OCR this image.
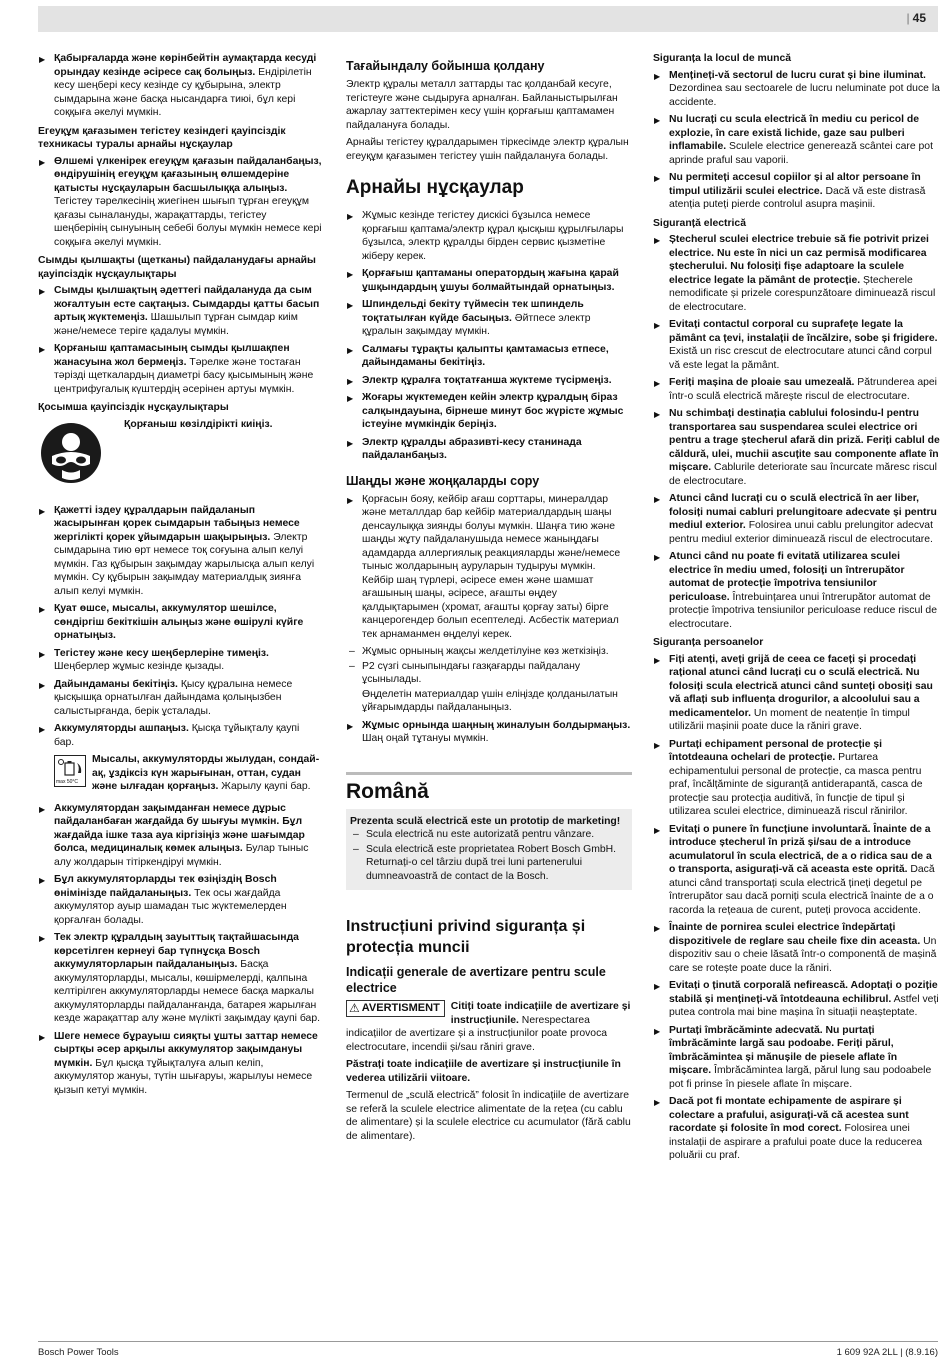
| 45
▶ Қабырғаларда және көрінбейтін аумақтарда кесуді орындау кезінде әсіресе сақ болыңыз. Ендірілетін кесу шеңбері кесу кезінде су құбырына, электр сымдарына және басқа нысандарға тиюі, бұл кері соққыға әкелуі мүмкін.
Егеуқұм қағазымен тегістеу кезіндегі қауіпсіздік техникасы туралы арнайы нұсқаулар
▶ Өлшемі үлкенірек егеуқұм қағазын пайдаланбаңыз, өндірушінің егеуқұм қағазының өлшемдеріне қатысты нұсқауларын басшылыққа алыңыз. Тегістеу тәрелкесінің жиегінен шығып тұрған егеуқұм қағазы сыналануды, жарақаттарды, тегістеу шеңберінің сынуының себебі болуы мүмкін немесе кері соққыға әкелуі мүмкін.
Сымды қылшақты (щетканы) пайдаланудағы арнайы қауіпсіздік нұсқаулықтары
▶ Сымды қылшақтың әдеттегі пайдалануда да сым жоғалтуын есте сақтаңыз. Сымдарды қатты басып артық жүктемеңіз. Шашылып тұрған сымдар киім және/немесе теріге қадалуы мүмкін.
▶ Қорғаныш қаптамасының сымды қылшақпен жанасуына жол бермеңіз. Тәрелке және тостаған тәрізді щеткалардың диаметрі басу қысымының және центрифугалық күштердің әсерінен артуы мүмкін.
Қосымша қауіпсіздік нұсқаулықтары
Қорғаныш көзілдірікті киіңіз.
▶ Қажетті іздеу құралдарын пайдаланып жасырынған қорек сымдарын табыңыз немесе жергілікті қорек ұйымдарын шақырыңыз. Электр сымдарына тию өрт немесе тоқ соғуына алып келуі мүмкін. Газ құбырын зақымдау жарылысқа алып келуі мүмкін. Су құбырын зақымдау материалдық зиянға алып келуі мүмкін.
▶ Қуат өшсе, мысалы, аккумулятор шешілсе, сөндіргіш бекіткішін алыңыз және өшірулі күйге орнатыңыз.
▶ Тегістеу және кесу шеңберлеріне тимеңіз. Шеңберлер жұмыс кезінде қызады.
▶ Дайындаманы бекітіңіз. Қысу құралына немесе қысқышқа орнатылған дайындама қолыңызбен салыстырғанда, берік ұсталады.
▶ Аккумуляторды ашпаңыз. Қысқа тұйықталу қаупі бар.
max 50°C
Мысалы, аккумуляторды жылудан, сондай-ақ, ұздіксіз күн жарығынан, оттан, судан және ылғадан қорғаңыз. Жарылу қаупі бар.
▶ Аккумулятордан зақымданған немесе дұрыс пайдаланбаған жағдайда бу шығуы мүмкін. Бұл жағдайда ішке таза ауа кіргізіңіз және шағымдар болса, медициналық көмек алыңыз. Булар тыныс алу жолдарын тітіркендіруі мүмкін.
▶ Бұл аккумуляторларды тек өзіңіздің Bosch өнімінізде пайдаланыңыз. Тек осы жағдайда аккумулятор ауыр шамадан тыс жүктемелерден қорғалған болады.
▶ Тек электр құралдың зауыттық тақтайшасында көрсетілген кернеуі бар түпнұсқа Bosch аккумуляторларын пайдаланыңыз. Басқа аккумуляторларды, мысалы, көшірмелерді, қалпына келтірілген аккумуляторларды немесе басқа маркалы аккумуляторларды пайдаланғанда, батарея жарылған кезде жарақаттар алу және мүлікті зақымдау қаупі бар.
▶ Шеге немесе бұрауыш сияқты ұшты заттар немесе сыртқы әсер арқылы аккумулятор зақымдануы мүмкін. Бұл қысқа тұйықталуға алып келіп, аккумулятор жануы, түтін шығаруы, жарылуы немесе қызып кетуі мүмкін.
Тағайындалу бойынша қолдану

Электр құралы металл заттарды тас қолданбай кесуге, тегістеуге және сыдыруға арналған. Байланыстырылған ажарлау заттектерімен кесу үшін қорғағыш қаптамамен пайдалануға болады.

Арнайы тегістеу құралдарымен тіркесімде электр құралын егеуқұм қағазымен тегістеу үшін пайдалануға болады.

Арнайы нұсқаулар
▶ Жұмыс кезінде тегістеу дискісі бұзылса немесе қорғағыш қаптама/электр құрал қысқыш құрылғылары бұзылса, электр құралды бірден сервис қызметіне жіберу керек.
▶ Қорғағыш қаптаманы оператордың жағына қарай ұшқындардың ұшуы болмайтындай орнатыңыз.
▶ Шпиндельді бекіту түймесін тек шпиндель тоқтатылған күйде басыңыз. Әйтпесе электр құралын зақымдау мүмкін.
▶ Салмағы тұрақты қалыпты қамтамасыз етпесе, дайындаманы бекітіңіз.
▶ Электр құралға тоқтатғанша жүктеме түсірмеңіз.
▶ Жоғары жүктемеден кейін электр құралдың біраз салқындауына, бірнеше минут бос жүрісте жұмыс істеуіне мүмкіндік беріңіз.
▶ Электр құралды абразивті-кесу станинада пайдаланбаңыз.
Шаңды және жоңқаларды сору
▶ Қорғасын бояу, кейбір ағаш сорттары, минералдар және металлдар бар кейбір материалдардың шаңы денсаулыққа зиянды болуы мүмкін. Шаңға тию және шаңды жұту пайдаланушыда немесе жаныңдағы адамдарда аллергиялық реакцияларды және/немесе тыныс жолдарының ауруларын тудыруы мүмкін.
Кейбір шаң түрлері, әсіресе емен және шамшат ағашының шаңы, әсіресе, ағашты өңдеу қалдықтарымен (хромат, ағашты қорғау заты) бірге канцерогендер болып есептеледі. Асбестік материал тек арнаманмен өңделуі керек.
– Жұмыс орнының жақсы желдетілуіне көз жеткізіңіз.
– P2 сүзгі сыныпындағы газқағарды пайдалану ұсынылады.

Өңделетін материалдар үшін еліңізде қолданылатын ұйғарымдарды пайдаланыңыз.

▶ Жұмыс орнында шаңның жиналуын болдырмаңыз. Шаң оңай тұтануы мүмкін.
Română
Prezenta sculă electrică este un prototip de marketing!
– Scula electrică nu este autorizată pentru vânzare.
– Scula electrică este proprietatea Robert Bosch GmbH. Returnați-o cel târziu după trei luni partenerului dumneavoastră de contact de la Bosch.
Instrucțiuni privind siguranța și protecția muncii
Indicații generale de avertizare pentru scule electrice
⚠ AVERTISMENT Citiți toate indicațiile de avertizare și instrucțiunile. Nerespectarea indicațiilor de avertizare și a instrucțiunilor poate provoca electrocutare, incendii și/sau răniri grave.

Păstrați toate indicațiile de avertizare și instrucțiunile în vederea utilizării viitoare.

Termenul de „sculă electrică” folosit în indicațiile de avertizare se referă la sculele electrice alimentate de la rețea (cu cablu de alimentare) și la sculele electrice cu acumulator (fără cablu de alimentare).

Siguranța la locul de muncă
▶ Mențineți-vă sectorul de lucru curat și bine iluminat. Dezordinea sau sectoarele de lucru neluminate pot duce la accidente.
▶ Nu lucrați cu scula electrică în mediu cu pericol de explozie, în care există lichide, gaze sau pulberi inflamabile. Sculele electrice generează scântei care pot aprinde praful sau vaporii.
▶ Nu permiteți accesul copiilor și al altor persoane în timpul utilizării sculei electrice. Dacă vă este distrasă atenția puteți pierde controlul asupra mașinii.
Siguranță electrică
▶ Ștecherul sculei electrice trebuie să fie potrivit prizei electrice. Nu este în nici un caz permisă modificarea ștecherului. Nu folosiți fișe adaptoare la sculele electrice legate la pământ de protecție. Ștecherele nemodificate și prizele corespunzătoare diminuează riscul de electrocutare.
▶ Evitați contactul corporal cu suprafețe legate la pământ ca țevi, instalații de încălzire, sobe și frigidere. Există un risc crescut de electrocutare atunci când corpul vă este legat la pământ.
▶ Feriți mașina de ploaie sau umezeală. Pătrunderea apei într-o sculă electrică mărește riscul de electrocutare.
▶ Nu schimbați destinația cablului folosindu-l pentru transportarea sau suspendarea sculei electrice ori pentru a trage ștecherul afară din priză. Feriți cablul de căldură, ulei, muchii ascuțite sau componente aflate în mișcare. Cablurile deteriorate sau încurcate măresc riscul de electrocutare.
▶ Atunci când lucrați cu o sculă electrică în aer liber, folosiți numai cabluri prelungitoare adecvate și pentru mediul exterior. Folosirea unui cablu prelungitor adecvat pentru mediul exterior diminuează riscul de electrocutare.
▶ Atunci când nu poate fi evitată utilizarea sculei electrice în mediu umed, folosiți un întrerupător automat de protecție împotriva tensiunilor periculoase. Întrebuințarea unui întrerupător automat de protecție împotriva tensiunilor periculoase reduce riscul de electrocutare.
Siguranța persoanelor
▶ Fiți atenți, aveți grijă de ceea ce faceți și procedați rațional atunci când lucrați cu o sculă electrică. Nu folosiți scula electrică atunci când sunteți obosiți sau vă aflați sub influența drogurilor, a alcoolului sau a medicamentelor. Un moment de neatenție în timpul utilizării mașinii poate duce la răniri grave.
▶ Purtați echipament personal de protecție și întotdeauna ochelari de protecție. Purtarea echipamentului personal de protecție, ca masca pentru praf, încălțăminte de siguranță antiderapantă, casca de protecție sau protecția auditivă, în funcție de tipul și utilizarea sculei electrice, diminuează riscul rănirilor.
▶ Evitați o punere în funcțiune involuntară. Înainte de a introduce ștecherul în priză și/sau de a introduce acumulatorul în scula electrică, de a o ridica sau de a o transporta, asigurați-vă că aceasta este oprită. Dacă atunci când transportați scula electrică țineți degetul pe întrerupător sau dacă porniți scula electrică înainte de a o racorda la rețeaua de curent, puteți provoca accidente.
▶ Înainte de pornirea sculei electrice îndepărtați dispozitivele de reglare sau cheile fixe din aceasta. Un dispozitiv sau o cheie lăsată într-o componentă de mașină care se rotește poate duce la răniri.
▶ Evitați o ținută corporală nefirească. Adoptați o poziție stabilă și mențineți-vă întotdeauna echilibrul. Astfel veți putea controla mai bine mașina în situații neașteptate.
▶ Purtați îmbrăcăminte adecvată. Nu purtați îmbrăcăminte largă sau podoabe. Feriți părul, îmbrăcămintea și mănușile de piesele aflate în mișcare. Îmbrăcămintea largă, părul lung sau podoabele pot fi prinse în piesele aflate în mișcare.
▶ Dacă pot fi montate echipamente de aspirare și colectare a prafului, asigurați-vă că acestea sunt racordate și folosite în mod corect. Folosirea unei instalații de aspirare a prafului poate duce la reducerea poluării cu praf.
Bosch Power Tools	1 609 92A 2LL | (8.9.16)
